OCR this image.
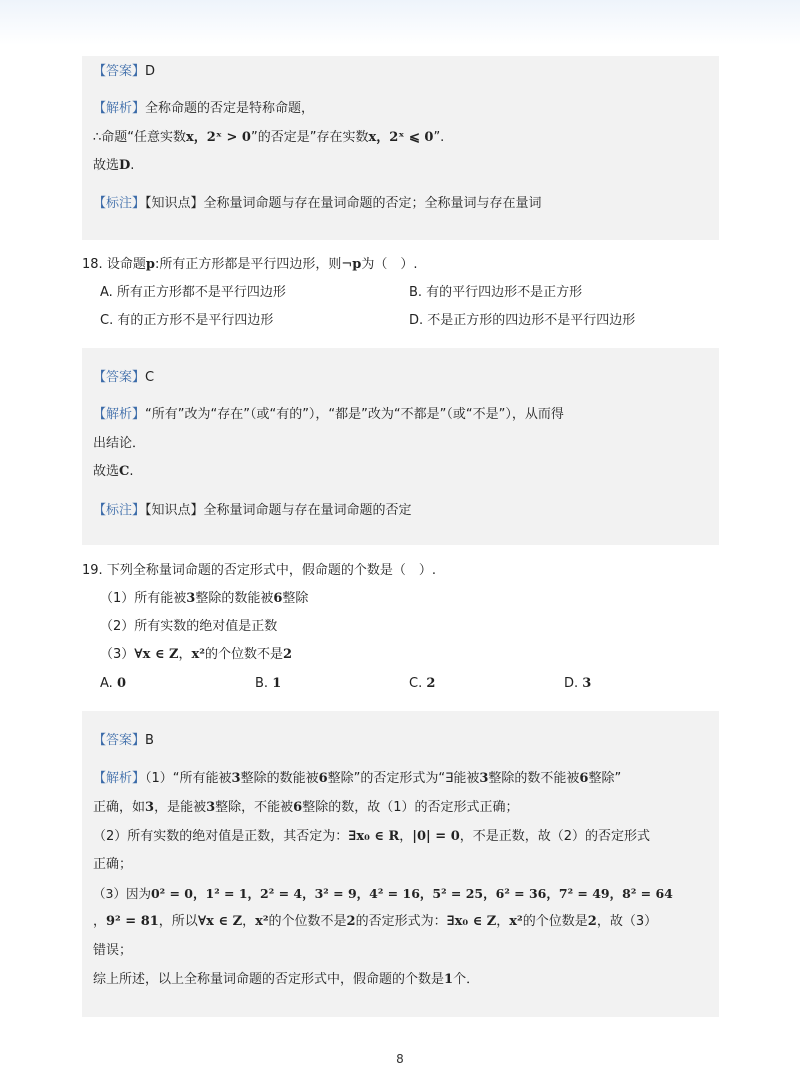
【答案】D
【解析】全称命题的否定是特称命题，
∴命题“任意实数x，2ˣ > 0”的否定是”存在实数x，2ˣ ⩽ 0”.
故选D.
【标注】【知识点】全称量词命题与存在量词命题的否定；全称量词与存在量词
18. 设命题p:所有正方形都是平行四边形，则¬p为（　）.
A. 所有正方形都不是平行四边形	B. 有的平行四边形不是正方形
C. 有的正方形不是平行四边形	D. 不是正方形的四边形不是平行四边形
【答案】C
【解析】“所有”改为“存在”（或“有的”），“都是”改为“不都是”（或“不是”），从而得
出结论．
故选C.
【标注】【知识点】全称量词命题与存在量词命题的否定
19. 下列全称量词命题的否定形式中，假命题的个数是（　）.
（1）所有能被3整除的数能被6整除
（2）所有实数的绝对值是正数
（3）∀x ∈ Z，x²的个位数不是2
A. 0	B. 1	C. 2	D. 3
【答案】B
【解析】（1）“所有能被3整除的数能被6整除”的否定形式为“∃能被3整除的数不能被6整除”
正确，如3，是能被3整除，不能被6整除的数，故（1）的否定形式正确；
（2）所有实数的绝对值是正数，其否定为：∃x₀ ∈ R，|0| = 0，不是正数，故（2）的否定形式
正确；
（3）因为0² = 0，1² = 1，2² = 4，3² = 9，4² = 16，5² = 25，6² = 36，7² = 49，8² = 64
，9² = 81，所以∀x ∈ Z，x²的个位数不是2的否定形式为：∃x₀ ∈ Z，x²的个位数是2，故（3）
错误；
综上所述，以上全称量词命题的否定形式中，假命题的个数是1个．
8
